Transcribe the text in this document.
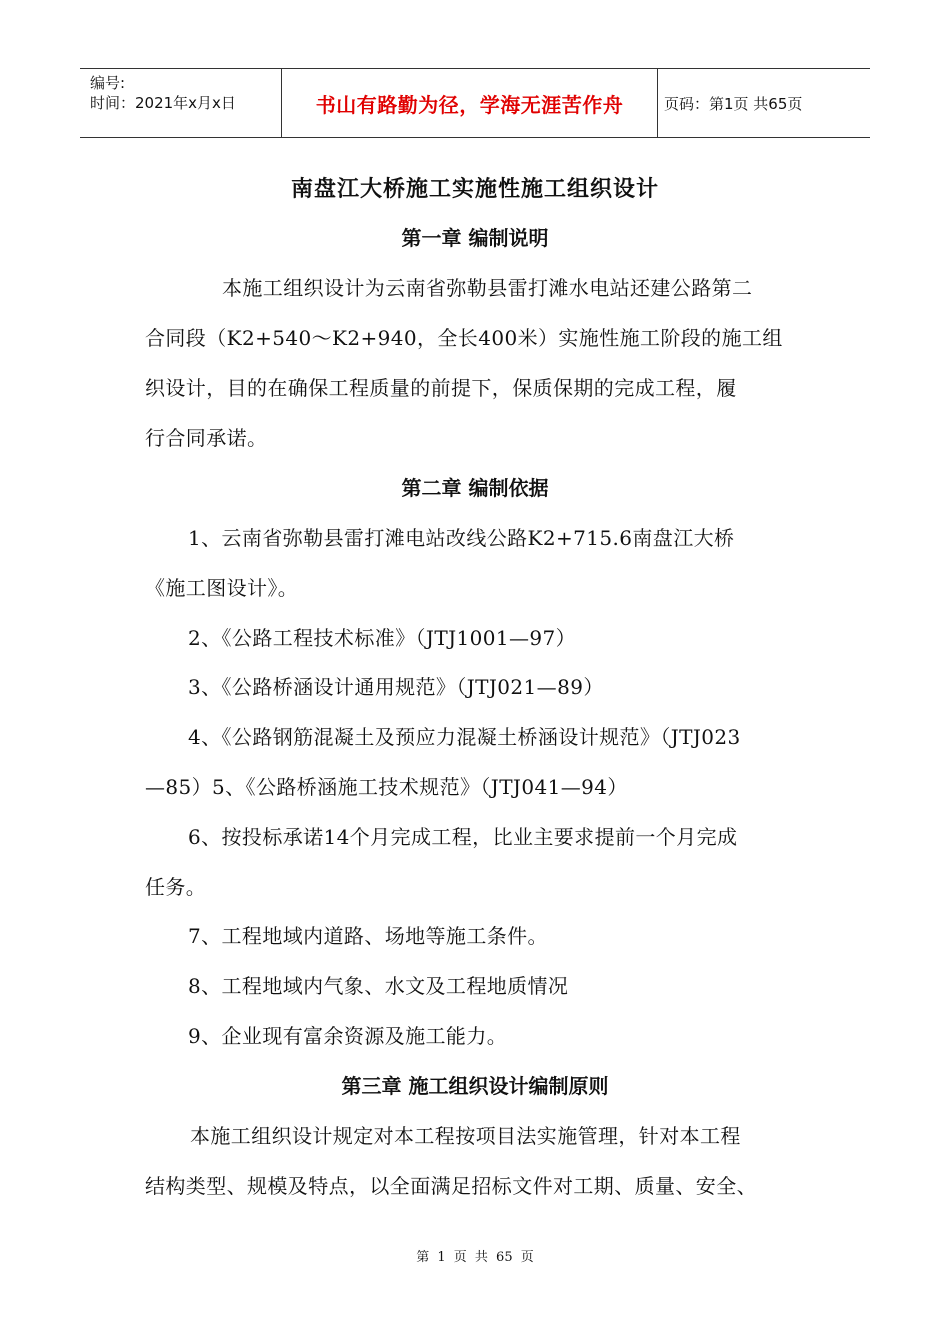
编号:
时间：2021年x月x日	书山有路勤为径，学海无涯苦作舟	页码：第1页 共65页
南盘江大桥施工实施性施工组织设计
第一章 编制说明
本施工组织设计为云南省弥勒县雷打滩水电站还建公路第二
合同段（K2+540～K2+940，全长400米）实施性施工阶段的施工组
织设计，目的在确保工程质量的前提下，保质保期的完成工程，履
行合同承诺。
第二章 编制依据
1、云南省弥勒县雷打滩电站改线公路K2+715.6南盘江大桥
《施工图设计》。
2、《公路工程技术标准》（JTJ1001—97）
3、《公路桥涵设计通用规范》（JTJ021—89）
4、《公路钢筋混凝土及预应力混凝土桥涵设计规范》（JTJ023
—85）5、《公路桥涵施工技术规范》（JTJ041—94）
6、按投标承诺14个月完成工程，比业主要求提前一个月完成
任务。
7、工程地域内道路、场地等施工条件。
8、工程地域内气象、水文及工程地质情况
9、企业现有富余资源及施工能力。
第三章 施工组织设计编制原则
本施工组织设计规定对本工程按项目法实施管理，针对本工程
结构类型、规模及特点，以全面满足招标文件对工期、质量、安全、
第 1 页 共 65 页
